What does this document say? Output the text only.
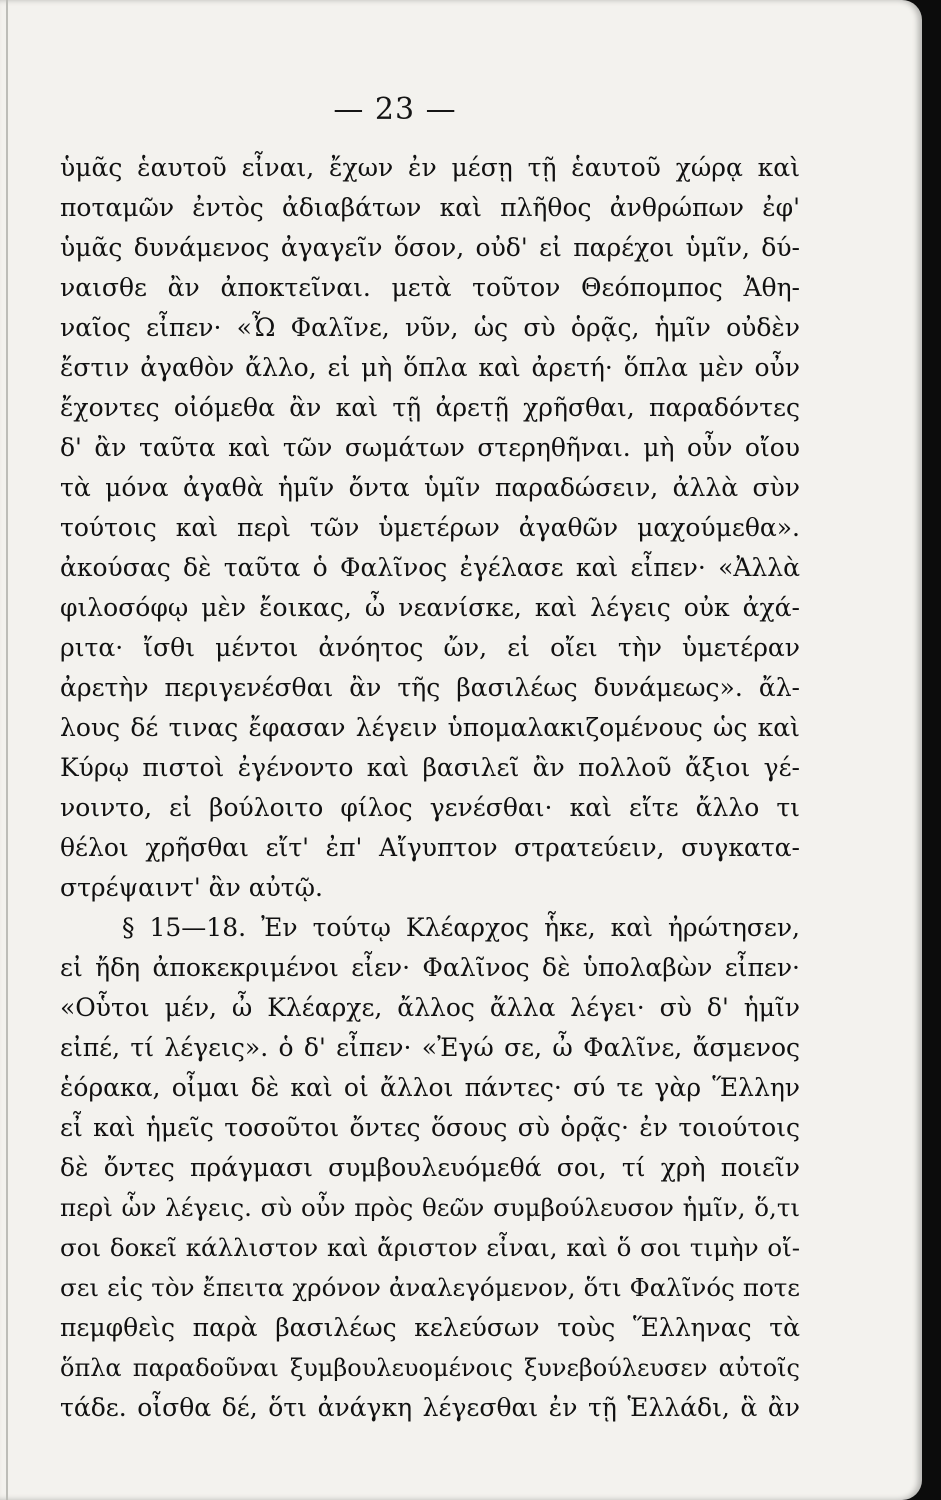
— 23 —
ὑμᾶς ἑαυτοῦ εἶναι, ἔχων ἐν μέσῃ τῇ ἑαυτοῦ χώρᾳ καὶ
ποταμῶν ἐντὸς ἀδιαβάτων καὶ πλῆθος ἀνθρώπων ἐφ'
ὑμᾶς δυνάμενος ἀγαγεῖν ὅσον, οὐδ' εἰ παρέχοι ὑμῖν, δύ-
ναισθε ἂν ἀποκτεῖναι. μετὰ τοῦτον Θεόπομπος Ἀθη-
ναῖος εἶπεν· «Ὦ Φαλῖνε, νῦν, ὡς σὺ ὁρᾷς, ἡμῖν οὐδὲν
ἔστιν ἀγαθὸν ἄλλο, εἰ μὴ ὅπλα καὶ ἀρετή· ὅπλα μὲν οὖν
ἔχοντες οἰόμεθα ἂν καὶ τῇ ἀρετῇ χρῆσθαι, παραδόντες
δ' ἂν ταῦτα καὶ τῶν σωμάτων στερηθῆναι. μὴ οὖν οἴου
τὰ μόνα ἀγαθὰ ἡμῖν ὄντα ὑμῖν παραδώσειν, ἀλλὰ σὺν
τούτοις καὶ περὶ τῶν ὑμετέρων ἀγαθῶν μαχούμεθα».
ἀκούσας δὲ ταῦτα ὁ Φαλῖνος ἐγέλασε καὶ εἶπεν· «Ἀλλὰ
φιλοσόφῳ μὲν ἔοικας, ὦ νεανίσκε, καὶ λέγεις οὐκ ἀχά-
ριτα· ἴσθι μέντοι ἀνόητος ὤν, εἰ οἴει τὴν ὑμετέραν
ἀρετὴν περιγενέσθαι ἂν τῆς βασιλέως δυνάμεως». ἄλ-
λους δέ τινας ἔφασαν λέγειν ὑπομαλακιζομένους ὡς καὶ
Κύρῳ πιστοὶ ἐγένοντο καὶ βασιλεῖ ἂν πολλοῦ ἄξιοι γέ-
νοιντο, εἰ βούλοιτο φίλος γενέσθαι· καὶ εἴτε ἄλλο τι
θέλοι χρῆσθαι εἴτ' ἐπ' Αἴγυπτον στρατεύειν, συγκατα-
στρέψαιντ' ἂν αὐτῷ.
§ 15—18. Ἐν τούτῳ Κλέαρχος ἧκε, καὶ ἠρώτησεν,
εἰ ἤδη ἀποκεκριμένοι εἶεν· Φαλῖνος δὲ ὑπολαβὼν εἶπεν·
«Οὗτοι μέν, ὦ Κλέαρχε, ἄλλος ἄλλα λέγει· σὺ δ' ἡμῖν
εἰπέ, τί λέγεις». ὁ δ' εἶπεν· «Ἐγώ σε, ὦ Φαλῖνε, ἄσμενος
ἑόρακα, οἶμαι δὲ καὶ οἱ ἄλλοι πάντες· σύ τε γὰρ Ἕλλην
εἶ καὶ ἡμεῖς τοσοῦτοι ὄντες ὅσους σὺ ὁρᾷς· ἐν τοιούτοις
δὲ ὄντες πράγμασι συμβουλευόμεθά σοι, τί χρὴ ποιεῖν
περὶ ὧν λέγεις. σὺ οὖν πρὸς θεῶν συμβούλευσον ἡμῖν, ὅ,τι
σοι δοκεῖ κάλλιστον καὶ ἄριστον εἶναι, καὶ ὅ σοι τιμὴν οἴ-
σει εἰς τὸν ἔπειτα χρόνον ἀναλεγόμενον, ὅτι Φαλῖνός ποτε
πεμφθεὶς παρὰ βασιλέως κελεύσων τοὺς Ἕλληνας τὰ
ὅπλα παραδοῦναι ξυμβουλευομένοις ξυνεβούλευσεν αὐτοῖς
τάδε. οἶσθα δέ, ὅτι ἀνάγκη λέγεσθαι ἐν τῇ Ἑλλάδι, ἃ ἂν
